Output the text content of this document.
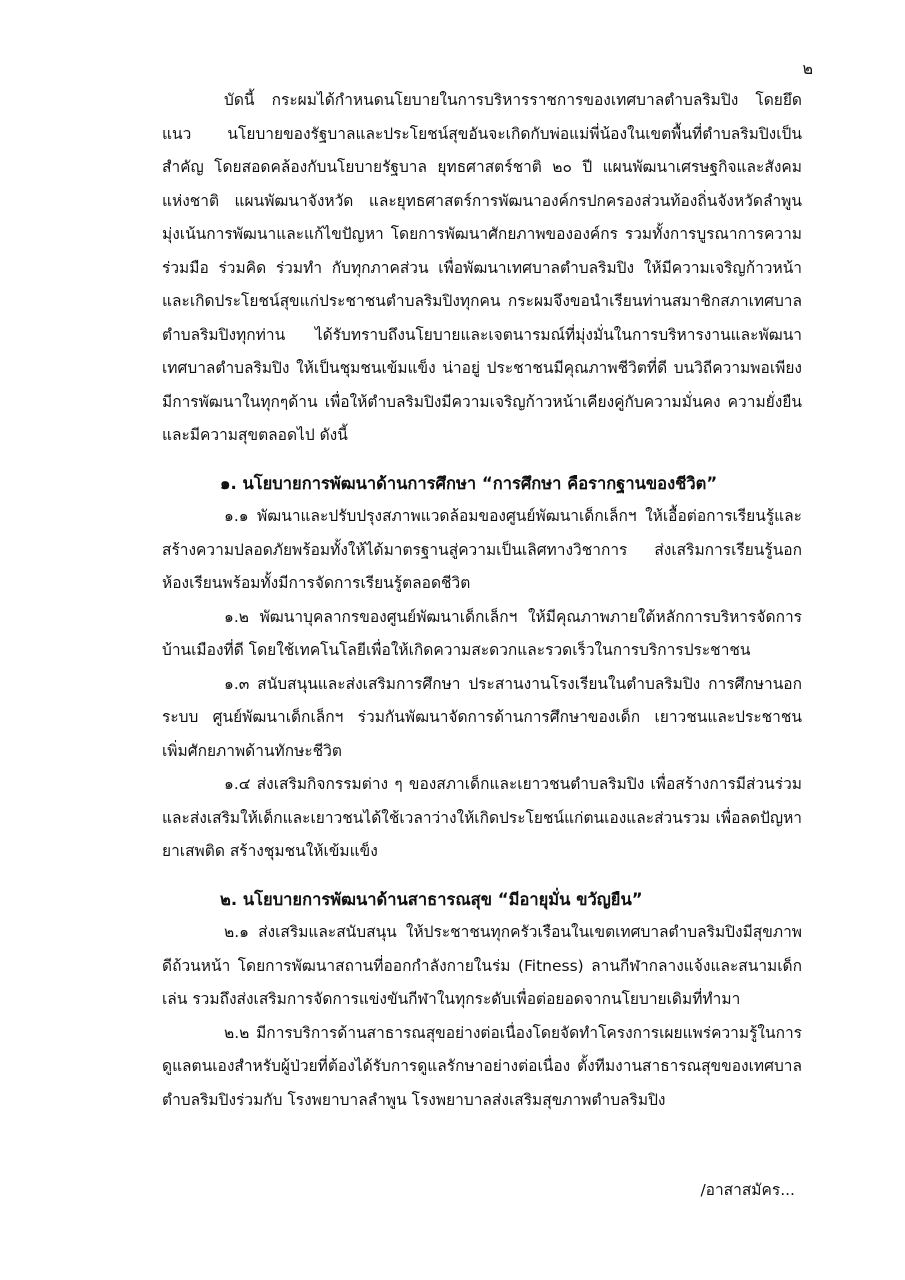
๒

บัดนี้ กระผมได้กำหนดนโยบายในการบริหารราชการของเทศบาลตำบลริมปิง โดยยึดแนว นโยบายของรัฐบาลและประโยชน์สุขอันจะเกิดกับพ่อแม่พี่น้องในเขตพื้นที่ตำบลริมปิงเป็นสำคัญ โดยสอดคล้องกับนโยบายรัฐบาล ยุทธศาสตร์ชาติ ๒๐ ปี แผนพัฒนาเศรษฐกิจและสังคมแห่งชาติ แผนพัฒนาจังหวัด และยุทธศาสตร์การพัฒนาองค์กรปกครองส่วนท้องถิ่นจังหวัดลำพูน มุ่งเน้นการพัฒนาและแก้ไขปัญหา โดยการพัฒนาศักยภาพขององค์กร รวมทั้งการบูรณาการความร่วมมือ ร่วมคิด ร่วมทำ กับทุกภาคส่วน เพื่อพัฒนาเทศบาลตำบลริมปิง ให้มีความเจริญก้าวหน้า และเกิดประโยชน์สุขแก่ประชาชนตำบลริมปิงทุกคน กระผมจึงขอนำเรียนท่านสมาชิกสภาเทศบาลตำบลริมปิงทุกท่าน ได้รับทราบถึงนโยบายและเจตนารมณ์ที่มุ่งมั่นในการบริหารงานและพัฒนาเทศบาลตำบลริมปิง ให้เป็นชุมชนเข้มแข็ง น่าอยู่ ประชาชนมีคุณภาพชีวิตที่ดี บนวิถีความพอเพียง มีการพัฒนาในทุกๆด้าน เพื่อให้ตำบลริมปิงมีความเจริญก้าวหน้าเคียงคู่กับความมั่นคง ความยั่งยืน และมีความสุขตลอดไป ดังนี้

๑. นโยบายการพัฒนาด้านการศึกษา “การศึกษา คือรากฐานของชีวิต”

๑.๑ พัฒนาและปรับปรุงสภาพแวดล้อมของศูนย์พัฒนาเด็กเล็กฯ ให้เอื้อต่อการเรียนรู้และสร้างความปลอดภัยพร้อมทั้งให้ได้มาตรฐานสู่ความเป็นเลิศทางวิชาการ ส่งเสริมการเรียนรู้นอกห้องเรียนพร้อมทั้งมีการจัดการเรียนรู้ตลอดชีวิต

๑.๒ พัฒนาบุคลากรของศูนย์พัฒนาเด็กเล็กฯ ให้มีคุณภาพภายใต้หลักการบริหารจัดการบ้านเมืองที่ดี โดยใช้เทคโนโลยีเพื่อให้เกิดความสะดวกและรวดเร็วในการบริการประชาชน

๑.๓ สนับสนุนและส่งเสริมการศึกษา ประสานงานโรงเรียนในตำบลริมปิง การศึกษานอกระบบ ศูนย์พัฒนาเด็กเล็กฯ ร่วมกันพัฒนาจัดการด้านการศึกษาของเด็ก เยาวชนและประชาชน เพิ่มศักยภาพด้านทักษะชีวิต

๑.๔ ส่งเสริมกิจกรรมต่าง ๆ ของสภาเด็กและเยาวชนตำบลริมปิง เพื่อสร้างการมีส่วนร่วมและส่งเสริมให้เด็กและเยาวชนได้ใช้เวลาว่างให้เกิดประโยชน์แก่ตนเองและส่วนรวม เพื่อลดปัญหายาเสพติด สร้างชุมชนให้เข้มแข็ง

๒. นโยบายการพัฒนาด้านสาธารณสุข “มีอายุมั่น ขวัญยืน”

๒.๑ ส่งเสริมและสนับสนุน ให้ประชาชนทุกครัวเรือนในเขตเทศบาลตำบลริมปิงมีสุขภาพดีถ้วนหน้า โดยการพัฒนาสถานที่ออกกำลังกายในร่ม (Fitness) ลานกีฬากลางแจ้งและสนามเด็กเล่น รวมถึงส่งเสริมการจัดการแข่งขันกีฬาในทุกระดับเพื่อต่อยอดจากนโยบายเดิมที่ทำมา

๒.๒ มีการบริการด้านสาธารณสุขอย่างต่อเนื่องโดยจัดทำโครงการเผยแพร่ความรู้ในการดูแลตนเองสำหรับผู้ป่วยที่ต้องได้รับการดูแลรักษาอย่างต่อเนื่อง ตั้งทีมงานสาธารณสุขของเทศบาลตำบลริมปิงร่วมกับ โรงพยาบาลลำพูน โรงพยาบาลส่งเสริมสุขภาพตำบลริมปิง

/อาสาสมัคร...
